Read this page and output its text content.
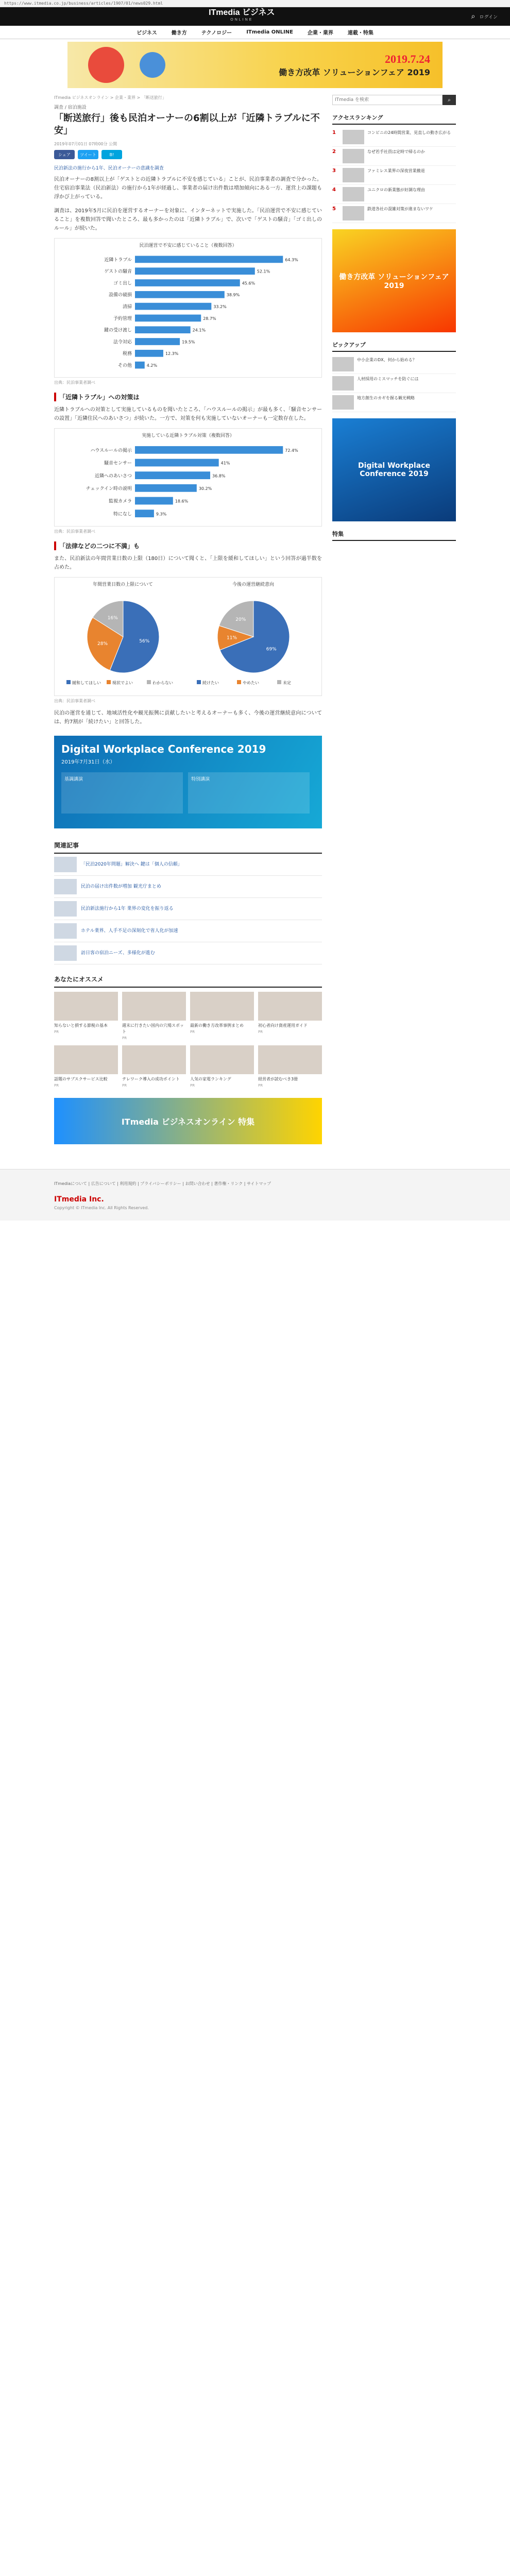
https://www.itmedia.co.jp/business/articles/1907/01/news029.html
ITmedia ビジネス
ONLINE	⌕ ログイン
ビジネス	働き方	テクノロジー	ITmedia ONLINE	企業・業界	連載・特集
2019.7.24
働き方改革 ソリューションフェア 2019
ITmedia ビジネスオンライン > 企業・業界 > 「断送旅行」
調査 / 宿泊施設
「断送旅行」後も民泊オーナーの6割以上が「近隣トラブルに不安」
2019年07月01日 07時00分 公開
シェア	ツイート	B!
民泊新法の施行から1年、民泊オーナーの意識を調査

民泊オーナーの8割以上が「ゲストとの近隣トラブルに不安を感じている」ことが、民泊事業者の調査で分かった。住宅宿泊事業法（民泊新法）の施行から1年が経過し、事業者の届け出件数は増加傾向にある一方、運営上の課題も浮かび上がっている。

調査は、2019年5月に民泊を運営するオーナーを対象に、インターネットで実施した。「民泊運営で不安に感じていること」を複数回答で聞いたところ、最も多かったのは「近隣トラブル」で、次いで「ゲストの騒音」「ゴミ出しのルール」が続いた。

民泊運営で不安に感じていること（複数回答）
近隣トラブル	64.3%
ゲストの騒音	52.1%
ゴミ出し	45.6%
設備の破損	38.9%
清掃	33.2%
予約管理	28.7%
鍵の受け渡し	24.1%
法令対応	19.5%
税務	12.3%
その他	4.2%
出典：民泊事業者調べ
「近隣トラブル」への対策は

近隣トラブルへの対策として実施しているものを聞いたところ、「ハウスルールの掲示」が最も多く、「騒音センサーの設置」「近隣住民へのあいさつ」が続いた。一方で、対策を何も実施していないオーナーも一定数存在した。

実施している近隣トラブル対策（複数回答）
ハウスルールの掲示	72.4%
騒音センサー	41%
近隣へのあいさつ	36.8%
チェックイン時の説明	30.2%
監視カメラ	18.6%
特になし	9.3%
出典：民泊事業者調べ
「法律などの二つに不満」も

また、民泊新法の年間営業日数の上限（180日）について聞くと、「上限を緩和してほしい」という回答が過半数を占めた。

年間営業日数の上限について
56%
28%
16%
緩和してほしい	現状でよい	わからない
今後の運営継続意向
69%
11%
20%
続けたい	やめたい	未定
出典：民泊事業者調べ

民泊の運営を通じて、地域活性化や観光振興に貢献したいと考えるオーナーも多く、今後の運営継続意向については、約7割が「続けたい」と回答した。

Digital Workplace Conference 2019
2019年7月31日（水）
基調講演	特別講演
関連記事
「民泊2020年問題」解決へ 鍵は「個人の信頼」
民泊の届け出件数が増加 観光庁まとめ
民泊新法施行から1年 業界の変化を振り返る
ホテル業界、人手不足の深刻化で省人化が加速
訪日客の宿泊ニーズ、多様化が進む
あなたにオススメ
知らないと損する節税の基本
PR
週末に行きたい国内の穴場スポット
PR
最新の働き方改革事例まとめ
PR
初心者向け資産運用ガイド
PR
話題のサブスクサービス比較
PR
テレワーク導入の成功ポイント
PR
人気の家電ランキング
PR
経営者が読むべき3冊
PR
ITmedia ビジネスオンライン 特集
ITmedia を検索
⌕
アクセスランキング
1	コンビニの24時間営業、見直しの動き広がる
2	なぜ若手社員は定時で帰るのか
3	ファミレス業界の深夜営業撤退
4	ユニクロの新業態が好調な理由
5	鉄道各社の混雑対策が進まないワケ
働き方改革 ソリューションフェア 2019
ピックアップ
中小企業のDX、何から始める？
人材採用のミスマッチを防ぐには
地方創生のカギを握る観光戦略
Digital Workplace Conference 2019
特集
ITmediaについて | 広告について | 利用規約 | プライバシーポリシー | お問い合わせ | 著作権・リンク | サイトマップ
ITmedia Inc.
Copyright © ITmedia Inc. All Rights Reserved.
